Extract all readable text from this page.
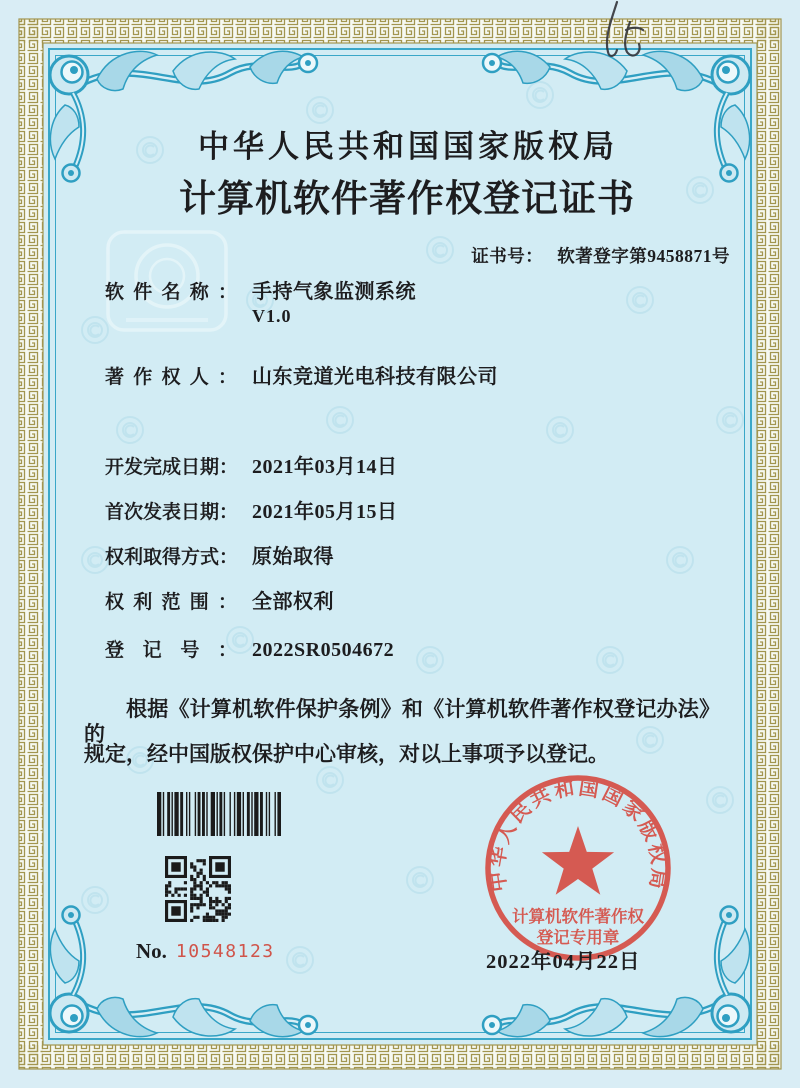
中华人民共和国国家版权局
计算机软件著作权登记证书
证书号： 软著登字第9458871号
软件名称： 手持气象监测系统
V1.0
著作权人： 山东竞道光电科技有限公司
开发完成日期： 2021年03月14日
首次发表日期： 2021年05月15日
权利取得方式： 原始取得
权利范围： 全部权利
登记号： 2022SR0504672
根据《计算机软件保护条例》和《计算机软件著作权登记办法》的
规定，经中国版权保护中心审核，对以上事项予以登记。
No. 10548123
中华人民共和国国家版权局
计算机软件著作权
登记专用章
2022年04月22日
